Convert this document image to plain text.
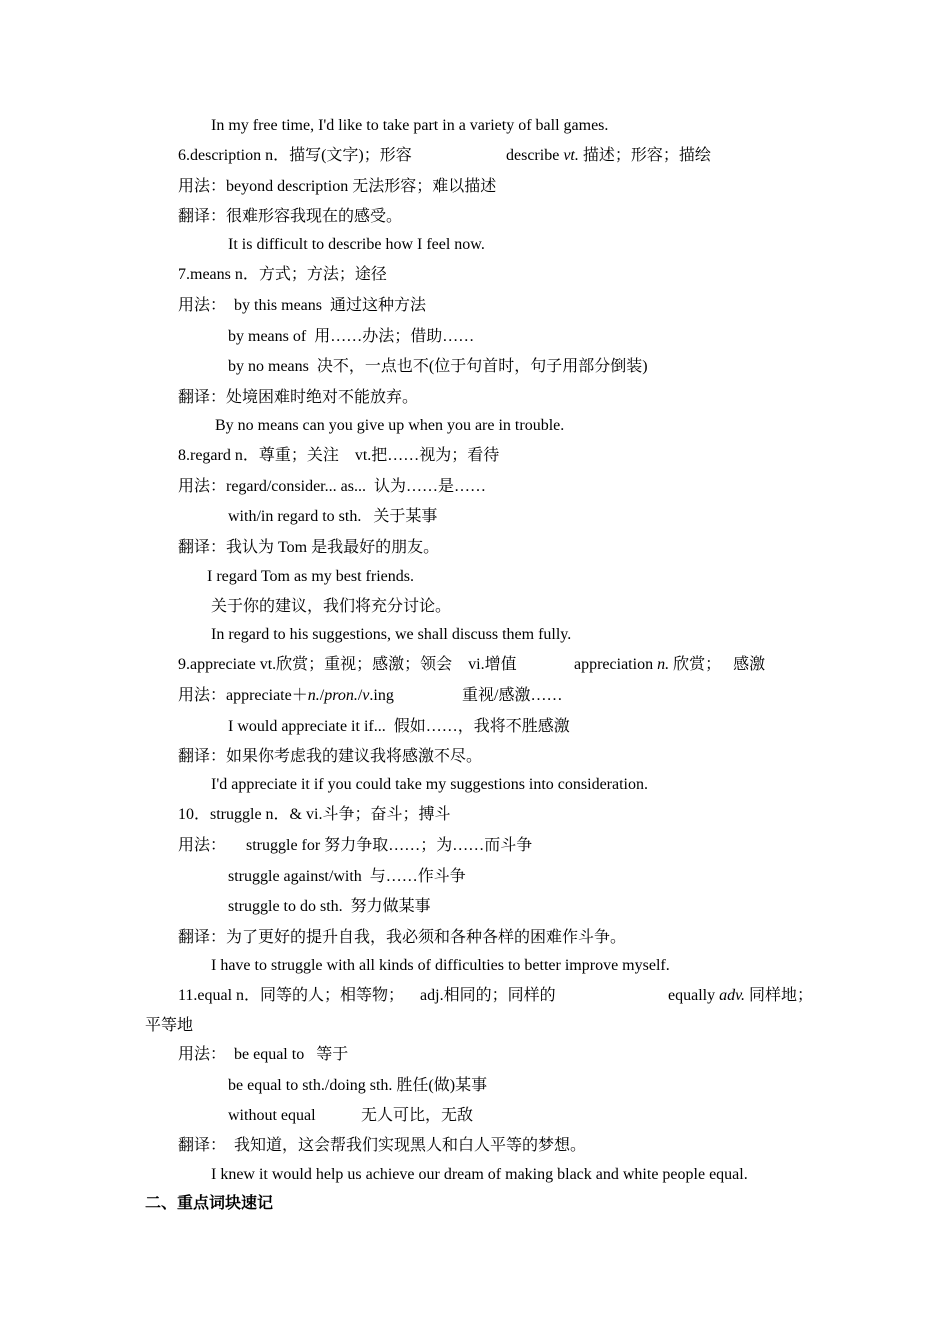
In my free time, I'd like to take part in a variety of ball games.
6.description n．描写(文字)；形容	describe vt. 描述；形容；描绘
用法：beyond description 无法形容；难以描述
翻译：很难形容我现在的感受。
It is difficult to describe how I feel now.
7.means n．方式；方法；途径
用法：  by this means  通过这种方法
by means of  用……办法；借助……
by no means  决不，一点也不(位于句首时，句子用部分倒装)
翻译：处境困难时绝对不能放弃。
By no means can you give up when you are in trouble.
8.regard n．尊重；关注    vt.把……视为；看待
用法：regard/consider... as...  认为……是……
with/in regard to sth.   关于某事
翻译：我认为 Tom 是我最好的朋友。
I regard Tom as my best friends.
关于你的建议，我们将充分讨论。
In regard to his suggestions, we shall discuss them fully.
9.appreciate vt.欣赏；重视；感激；领会    vi.增值	appreciation n. 欣赏；   感激
用法：appreciate＋n./pron./v.ing	重视/感激……
I would appreciate it if...  假如……，我将不胜感激
翻译：如果你考虑我的建议我将感激不尽。
I'd appreciate it if you could take my suggestions into consideration.
10．struggle n．& vi.斗争；奋斗；搏斗
用法：     struggle for 努力争取……；为……而斗争
struggle against/with  与……作斗争
struggle to do sth.  努力做某事
翻译：为了更好的提升自我，我必须和各种各样的困难作斗争。
I have to struggle with all kinds of difficulties to better improve myself.
11.equal n．同等的人；相等物；    adj.相同的；同样的	equally adv. 同样地；
平等地
用法：  be equal to   等于
be equal to sth./doing sth. 胜任(做)某事
without equal	无人可比，无敌
翻译：  我知道，这会帮我们实现黑人和白人平等的梦想。
I knew it would help us achieve our dream of making black and white people equal.
二、重点词块速记
